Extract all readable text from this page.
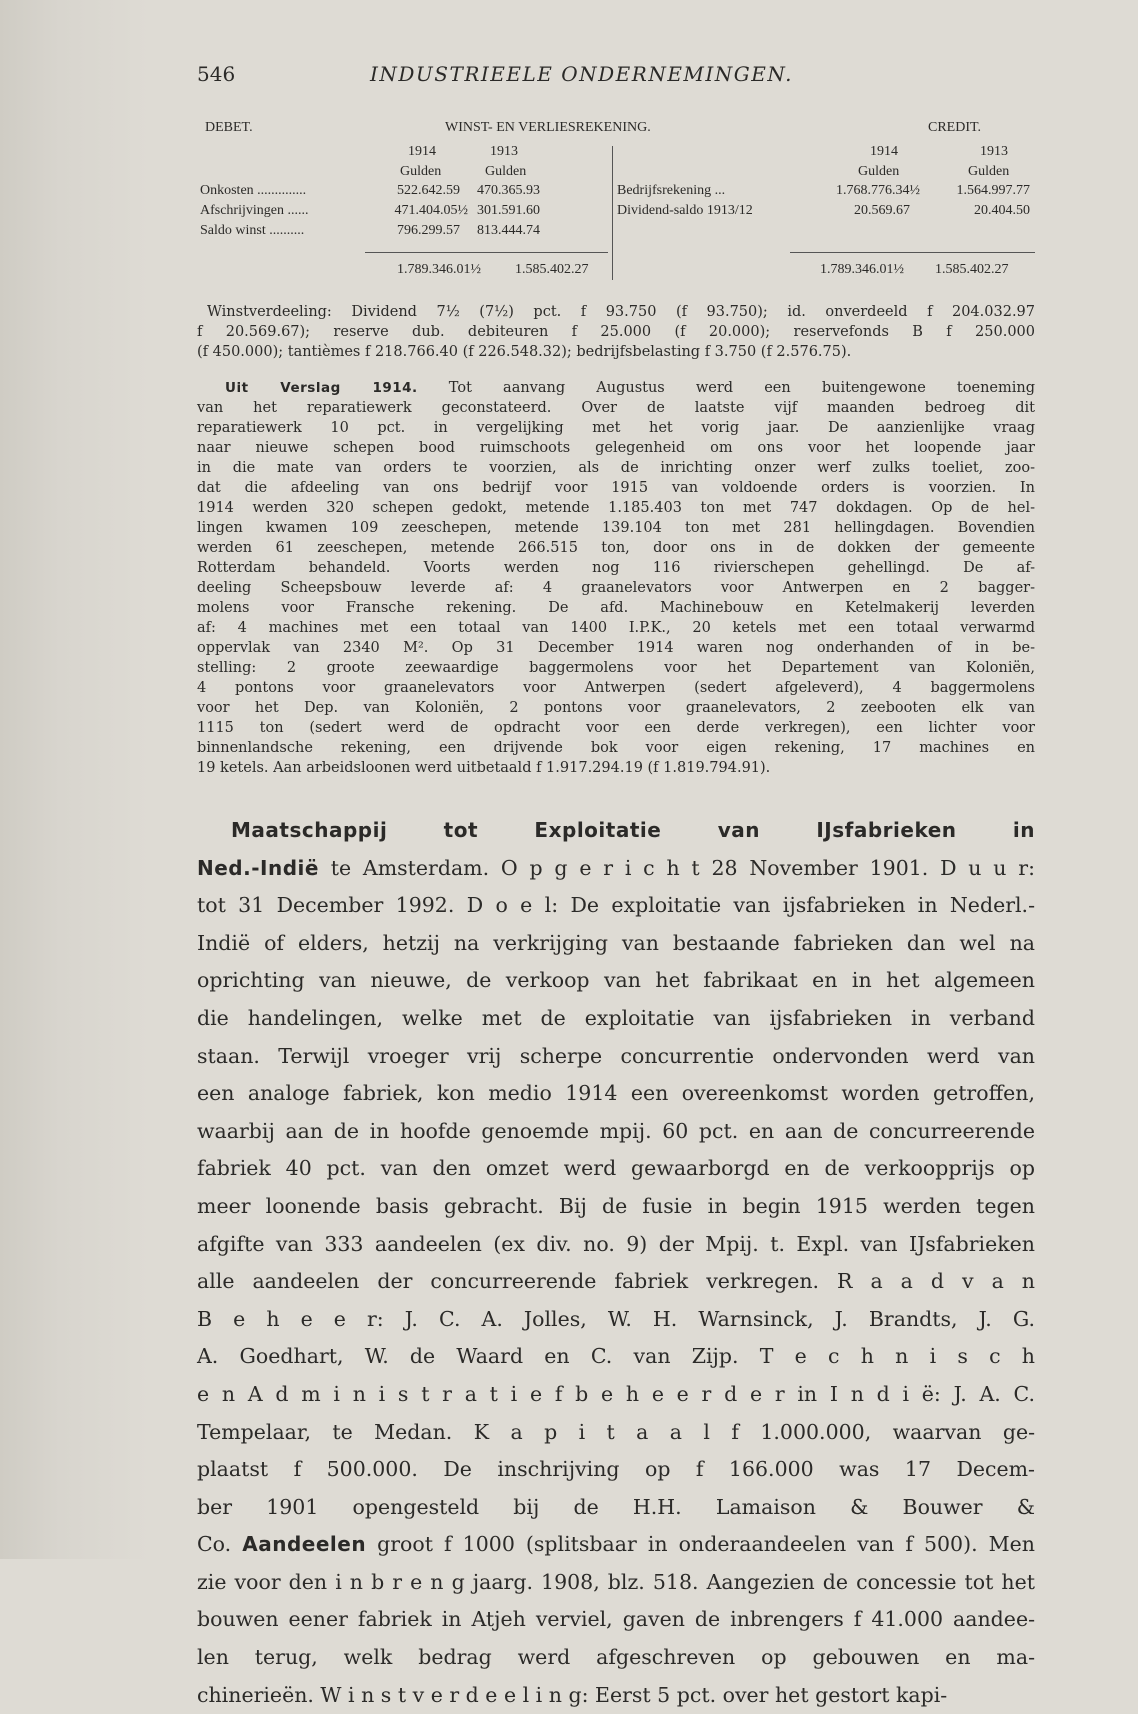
546	INDUSTRIEELE ONDERNEMINGEN.
DEBET.	WINST- EN VERLIESREKENING.	CREDIT.
1914	1913
Gulden	Gulden
1914	1913
Gulden	Gulden
Onkosten ..............	522.642.59 470.365.93
Afschrijvingen ......	471.404.05½ 301.591.60
Saldo winst ..........	796.299.57 813.444.74
Bedrijfsrekening ...	1.768.776.34½	1.564.997.77
Dividend-saldo 1913/12	20.569.67	20.404.50
1.789.346.01½ 1.585.402.27	1.789.346.01½ 1.585.402.27
Winstverdeeling: Dividend 7½ (7½) pct. f 93.750 (f 93.750); id. onverdeeld f 204.032.97
f 20.569.67); reserve dub. debiteuren f 25.000 (f 20.000); reservefonds B f 250.000
(f 450.000); tantièmes f 218.766.40 (f 226.548.32); bedrijfsbelasting f 3.750 (f 2.576.75).
Uit Verslag 1914. Tot aanvang Augustus werd een buitengewone toeneming
van het reparatiewerk geconstateerd. Over de laatste vijf maanden bedroeg dit
reparatiewerk 10 pct. in vergelijking met het vorig jaar. De aanzienlijke vraag
naar nieuwe schepen bood ruimschoots gelegenheid om ons voor het loopende jaar
in die mate van orders te voorzien, als de inrichting onzer werf zulks toeliet, zoo-
dat die afdeeling van ons bedrijf voor 1915 van voldoende orders is voorzien. In
1914 werden 320 schepen gedokt, metende 1.185.403 ton met 747 dokdagen. Op de hel-
lingen kwamen 109 zeeschepen, metende 139.104 ton met 281 hellingdagen. Bovendien
werden 61 zeeschepen, metende 266.515 ton, door ons in de dokken der gemeente
Rotterdam behandeld. Voorts werden nog 116 rivierschepen gehellingd. De af-
deeling Scheepsbouw leverde af: 4 graanelevators voor Antwerpen en 2 bagger-
molens voor Fransche rekening. De afd. Machinebouw en Ketelmakerij leverden
af: 4 machines met een totaal van 1400 I.P.K., 20 ketels met een totaal verwarmd
oppervlak van 2340 M². Op 31 December 1914 waren nog onderhanden of in be-
stelling: 2 groote zeewaardige baggermolens voor het Departement van Koloniën,
4 pontons voor graanelevators voor Antwerpen (sedert afgeleverd), 4 baggermolens
voor het Dep. van Koloniën, 2 pontons voor graanelevators, 2 zeebooten elk van
1115 ton (sedert werd de opdracht voor een derde verkregen), een lichter voor
binnenlandsche rekening, een drijvende bok voor eigen rekening, 17 machines en
19 ketels. Aan arbeidsloonen werd uitbetaald f 1.917.294.19 (f 1.819.794.91).
Maatschappij tot Exploitatie van IJsfabrieken in
Ned.-Indië te Amsterdam. O p g e r i c h t 28 November 1901. D u u r:
tot 31 December 1992. D o e l: De exploitatie van ijsfabrieken in Nederl.-
Indië of elders, hetzij na verkrijging van bestaande fabrieken dan wel na
oprichting van nieuwe, de verkoop van het fabrikaat en in het algemeen
die handelingen, welke met de exploitatie van ijsfabrieken in verband
staan. Terwijl vroeger vrij scherpe concurrentie ondervonden werd van
een analoge fabriek, kon medio 1914 een overeenkomst worden getroffen,
waarbij aan de in hoofde genoemde mpij. 60 pct. en aan de concurreerende
fabriek 40 pct. van den omzet werd gewaarborgd en de verkoopprijs op
meer loonende basis gebracht. Bij de fusie in begin 1915 werden tegen
afgifte van 333 aandeelen (ex div. no. 9) der Mpij. t. Expl. van IJsfabrieken
alle aandeelen der concurreerende fabriek verkregen. R a a d v a n
B e h e e r: J. C. A. Jolles, W. H. Warnsinck, J. Brandts, J. G.
A. Goedhart, W. de Waard en C. van Zijp. T e c h n i s c h
e n A d m i n i s t r a t i e f b e h e e r d e r in I n d i ë: J. A. C.
Tempelaar, te Medan. K a p i t a a l f 1.000.000, waarvan ge-
plaatst f 500.000. De inschrijving op f 166.000 was 17 Decem-
ber 1901 opengesteld bij de H.H. Lamaison & Bouwer &
Co. Aandeelen groot f 1000 (splitsbaar in onderaandeelen van f 500). Men
zie voor den i n b r e n g jaarg. 1908, blz. 518. Aangezien de concessie tot het
bouwen eener fabriek in Atjeh verviel, gaven de inbrengers f 41.000 aandee-
len terug, welk bedrag werd afgeschreven op gebouwen en ma-
chinerieën. W i n s t v e r d e e l i n g: Eerst 5 pct. over het gestort kapi-
